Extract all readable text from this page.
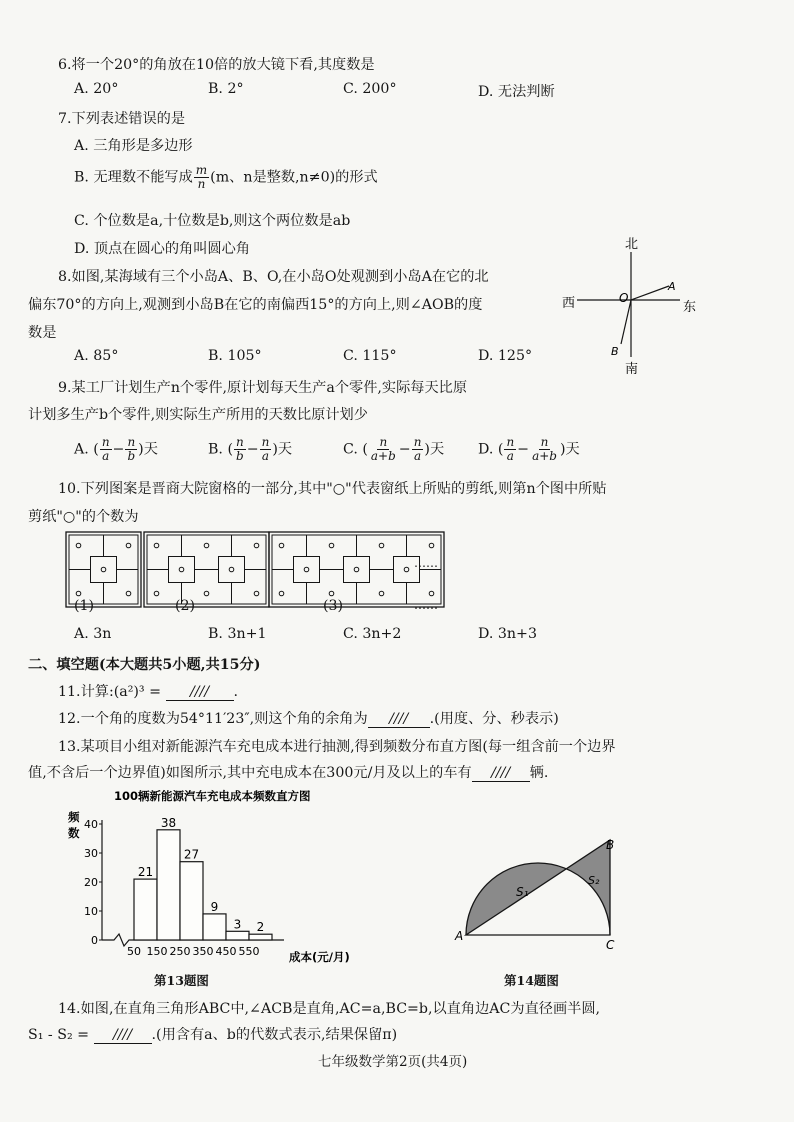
6.将一个20°的角放在10倍的放大镜下看,其度数是
A. 20°	B. 2°	C. 200°	D. 无法判断
7.下列表述错误的是
A. 三角形是多边形
B. 无理数不能写成 $\frac{m}{n} (m$、n是整数,n≠0)的形式
C. 个位数是a,十位数是b,则这个两位数是ab
D. 顶点在圆心的角叫圆心角
8.如图,某海域有三个小岛A、B、O,在小岛O处观测到小岛A在它的北
偏东70°的方向上,观测到小岛B在它的南偏西15°的方向上,则∠AOB的度
数是
A. 85°	B. 105°	C. 115°	D. 125°
北
南
西	东
O
A
B
9.某工厂计划生产n个零件,原计划每天生产a个零件,实际每天比原
计划多生产b个零件,则实际生产所用的天数比原计划少
A. ( $\frac{n}{a} - \frac{n}{b}$ )天	B. ( $\frac{n}{b} - \frac{n}{a}$ )天	C. ( $\frac{n}{a+b} - \frac{n}{a}$ )天 D. ( $\frac{n}{a} - \frac{n}{a+b}$ )天
10.下列图案是晋商大院窗格的一部分,其中"○"代表窗纸上所贴的剪纸,则第n个图中所贴
剪纸"○"的个数为
(1)	(2)	(3)
……
……
A. 3n	B. 3n+1	C. 3n+2	D. 3n+3
二、填空题(本大题共5小题,共15分)
11.计算:(a²)³ = //// .
12.一个角的度数为54°11′23″,则这个角的余角为 //// .(用度、分、秒表示)
13.某项目小组对新能源汽车充电成本进行抽测,得到频数分布直方图(每一组含前一个边界
值,不含后一个边界值)如图所示,其中充电成本在300元/月及以上的车有 //// 辆.
100辆新能源汽车充电成本频数直方图
频
数
成本(元/月)
0
10
20
30
40
21
38
27
9
3 2
50 150 250 350 450 550
第13题图
A
B
C
S₁
S₂
第14题图
14.如图,在直角三角形ABC中,∠ACB是直角,AC=a,BC=b,以直角边AC为直径画半圆,
S₁ - S₂ = //// .(用含有a、b的代数式表示,结果保留π)
七年级数学第2页(共4页)
